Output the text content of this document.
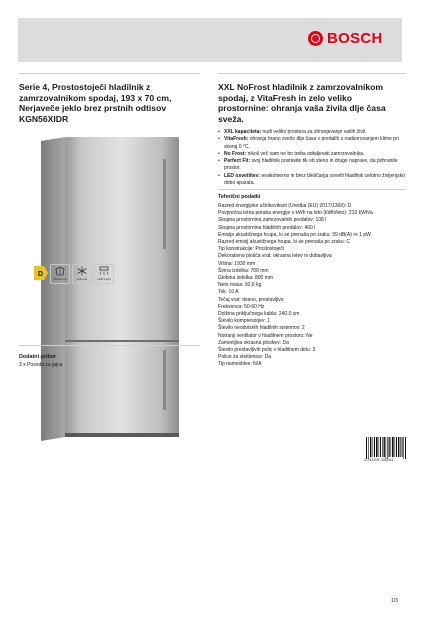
BOSCH
Serie 4, Prostostoječi hladilnik z zamrzovalnikom spodaj, 193 x 70 cm, Nerjaveče jeklo brez prstnih odtisov
KGN56XIDR
XXL NoFrost hladilnik z zamrzovalnikom spodaj, z VitaFresh in zelo veliko prostornine: ohranja vaša živila dlje časa sveža.
D
VitaFresh	NoFrost	LED Light
Dodatni pribor
3 x Posoda za jajca
• XXL kapaciteta: nudi veliko prostora za shranjevanje vaših živil.
• VitaFresh: ohranja hrano svežo dlje časa v predalih s nadzorovanjem klime pri skoraj 0 °C.
• No Frost: nikoli več vam ne bo treba odtaljevati zamrzovalnika.
• Perfect Fit: svoj hladilnik postavite tik ob steno in druge naprave, da prihranite prostor.
• LED osvetlitev: enakomerno in brez bleščanja osvetli hladilnik celotno življenjsko dobo aparata.
Tehnični podatki
Razred energijske učinkovitosti (Uredba (EU) 2017/1369): D
Povprečna letna poraba energije v kWh na leto (kWh/leto): 210 kWh/a
Skupna prostornina zamrzovalnih predalov: 108 l
Skupna prostornina hladilnih predalov: 400 l
Emisije akustičnega hrupa, ki se prenaša po zraku: 39 dB(A) re 1 pW
Razred emisij akustičnega hrupa, ki se prenaša po zraku: C
Tip konstrukcije: Prostostoječi
Dekorativna plošča vrat: okrasna letev ni dobavljiva
Višina: 1930 mm
Širina izdelka: 700 mm
Globina izdelka: 800 mm
Neto masa: 92,6 kg
Tok: 10 A
Tečaj vrat: desno, prestavljivo
Frekvenca: 50-60 Hz
Dolžina priključnega kabla: 240,0 cm
Število kompresorjev: 1
Število neodvisnih hladilnih sistemov: 2
Notranji ventilator v hladilnem prostoru: Ne
Zamenljiva okrasna ploskev: Da
Število prestavljivih polic v hladilnem delu: 3
Police za steklenice: Da
Tip namestitve: N/A
4 242005 306264
1/3
